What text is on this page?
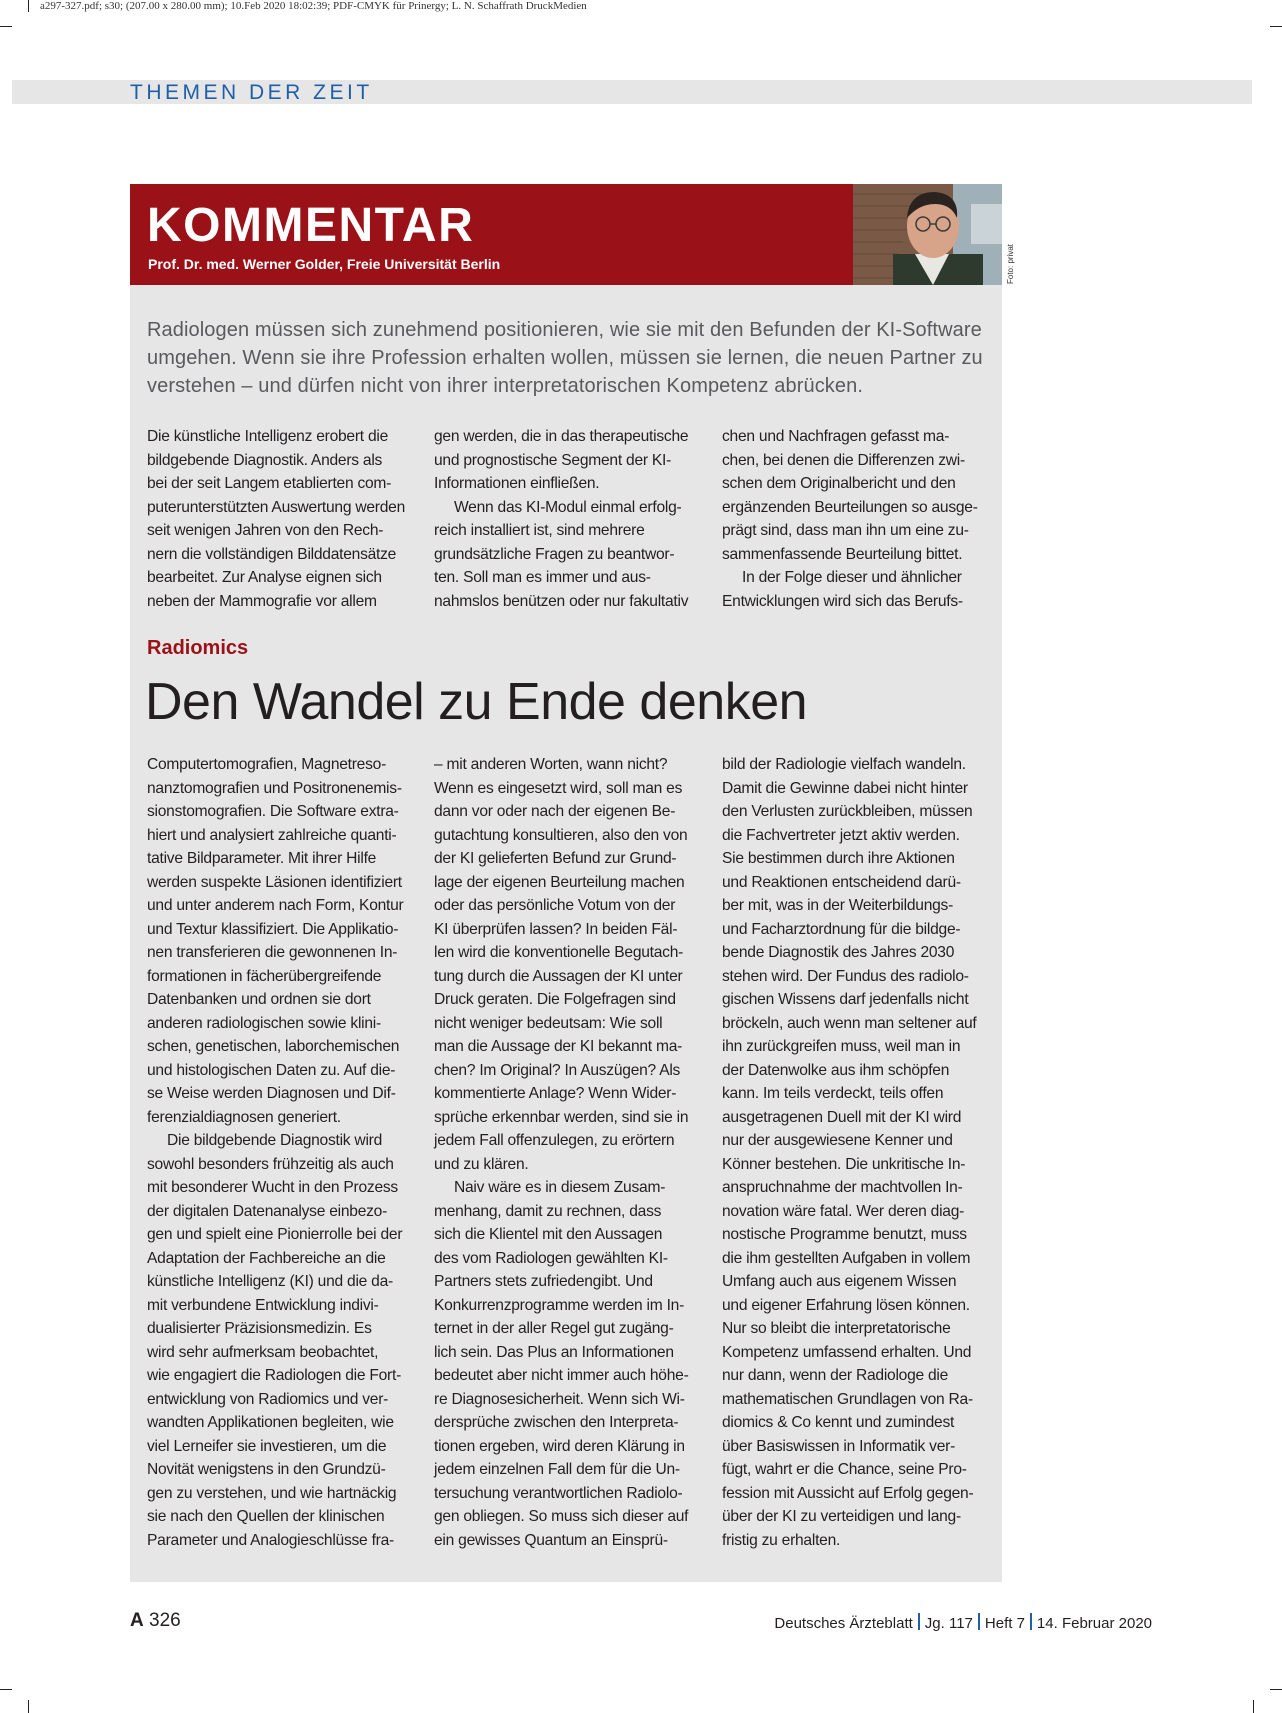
a297-327.pdf; s30; (207.00 x 280.00 mm); 10.Feb 2020 18:02:39; PDF-CMYK für Prinergy; L. N. Schaffrath DruckMedien
THEMEN DER ZEIT
KOMMENTAR
Prof. Dr. med. Werner Golder, Freie Universität Berlin	Foto: privat
Radiologen müssen sich zunehmend positionieren, wie sie mit den Befunden der KI-Software umgehen. Wenn sie ihre Profession erhalten wollen, müssen sie lernen, die neuen Partner zu verstehen – und dürfen nicht von ihrer interpretatorischen Kompetenz abrücken.

Die künstliche Intelligenz erobert die
bildgebende Diagnostik. Anders als
bei der seit Langem etablierten com-
puterunterstützten Auswertung werden
seit wenigen Jahren von den Rech-
nern die vollständigen Bilddatensätze
bearbeitet. Zur Analyse eignen sich
neben der Mammografie vor allem

gen werden, die in das therapeutische
und prognostische Segment der KI-
Informationen einfließen.

Wenn das KI-Modul einmal erfolg-
reich installiert ist, sind mehrere
grundsätzliche Fragen zu beantwor-
ten. Soll man es immer und aus-
nahmslos benützen oder nur fakultativ

chen und Nachfragen gefasst ma-
chen, bei denen die Differenzen zwi-
schen dem Originalbericht und den
ergänzenden Beurteilungen so ausge-
prägt sind, dass man ihn um eine zu-
sammenfassende Beurteilung bittet.

In der Folge dieser und ähnlicher
Entwicklungen wird sich das Berufs-

Radiomics
Den Wandel zu Ende denken

Computertomografien, Magnetreso-
nanztomografien und Positronenemis-
sionstomografien. Die Software extra-
hiert und analysiert zahlreiche quanti-
tative Bildparameter. Mit ihrer Hilfe
werden suspekte Läsionen identifiziert
und unter anderem nach Form, Kontur
und Textur klassifiziert. Die Applikatio-
nen transferieren die gewonnenen In-
formationen in fächerübergreifende
Datenbanken und ordnen sie dort
anderen radiologischen sowie klini-
schen, genetischen, laborchemischen
und histologischen Daten zu. Auf die-
se Weise werden Diagnosen und Dif-
ferenzialdiagnosen generiert.

Die bildgebende Diagnostik wird
sowohl besonders frühzeitig als auch
mit besonderer Wucht in den Prozess
der digitalen Datenanalyse einbezo-
gen und spielt eine Pionierrolle bei der
Adaptation der Fachbereiche an die
künstliche Intelligenz (KI) und die da-
mit verbundene Entwicklung indivi-
dualisierter Präzisionsmedizin. Es
wird sehr aufmerksam beobachtet,
wie engagiert die Radiologen die Fort-
entwicklung von Radiomics und ver-
wandten Applikationen begleiten, wie
viel Lerneifer sie investieren, um die
Novität wenigstens in den Grundzü-
gen zu verstehen, und wie hartnäckig
sie nach den Quellen der klinischen
Parameter und Analogieschlüsse fra-

– mit anderen Worten, wann nicht?
Wenn es eingesetzt wird, soll man es
dann vor oder nach der eigenen Be-
gutachtung konsultieren, also den von
der KI gelieferten Befund zur Grund-
lage der eigenen Beurteilung machen
oder das persönliche Votum von der
KI überprüfen lassen? In beiden Fäl-
len wird die konventionelle Begutach-
tung durch die Aussagen der KI unter
Druck geraten. Die Folgefragen sind
nicht weniger bedeutsam: Wie soll
man die Aussage der KI bekannt ma-
chen? Im Original? In Auszügen? Als
kommentierte Anlage? Wenn Wider-
sprüche erkennbar werden, sind sie in
jedem Fall offenzulegen, zu erörtern
und zu klären.

Naiv wäre es in diesem Zusam-
menhang, damit zu rechnen, dass
sich die Klientel mit den Aussagen
des vom Radiologen gewählten KI-
Partners stets zufriedengibt. Und
Konkurrenzprogramme werden im In-
ternet in der aller Regel gut zugäng-
lich sein. Das Plus an Informationen
bedeutet aber nicht immer auch höhe-
re Diagnosesicherheit. Wenn sich Wi-
dersprüche zwischen den Interpreta-
tionen ergeben, wird deren Klärung in
jedem einzelnen Fall dem für die Un-
tersuchung verantwortlichen Radiolo-
gen obliegen. So muss sich dieser auf
ein gewisses Quantum an Einsprü-

bild der Radiologie vielfach wandeln.
Damit die Gewinne dabei nicht hinter
den Verlusten zurückbleiben, müssen
die Fachvertreter jetzt aktiv werden.
Sie bestimmen durch ihre Aktionen
und Reaktionen entscheidend darü-
ber mit, was in der Weiterbildungs-
und Facharztordnung für die bildge-
bende Diagnostik des Jahres 2030
stehen wird. Der Fundus des radiolo-
gischen Wissens darf jedenfalls nicht
bröckeln, auch wenn man seltener auf
ihn zurückgreifen muss, weil man in
der Datenwolke aus ihm schöpfen
kann. Im teils verdeckt, teils offen
ausgetragenen Duell mit der KI wird
nur der ausgewiesene Kenner und
Könner bestehen. Die unkritische In-
anspruchnahme der machtvollen In-
novation wäre fatal. Wer deren diag-
nostische Programme benutzt, muss
die ihm gestellten Aufgaben in vollem
Umfang auch aus eigenem Wissen
und eigener Erfahrung lösen können.
Nur so bleibt die interpretatorische
Kompetenz umfassend erhalten. Und
nur dann, wenn der Radiologe die
mathematischen Grundlagen von Ra-
diomics & Co kennt und zumindest
über Basiswissen in Informatik ver-
fügt, wahrt er die Chance, seine Pro-
fession mit Aussicht auf Erfolg gegen-
über der KI zu verteidigen und lang-
fristig zu erhalten.

A 326	Deutsches Ärzteblatt Jg. 117 Heft 7 14. Februar 2020
